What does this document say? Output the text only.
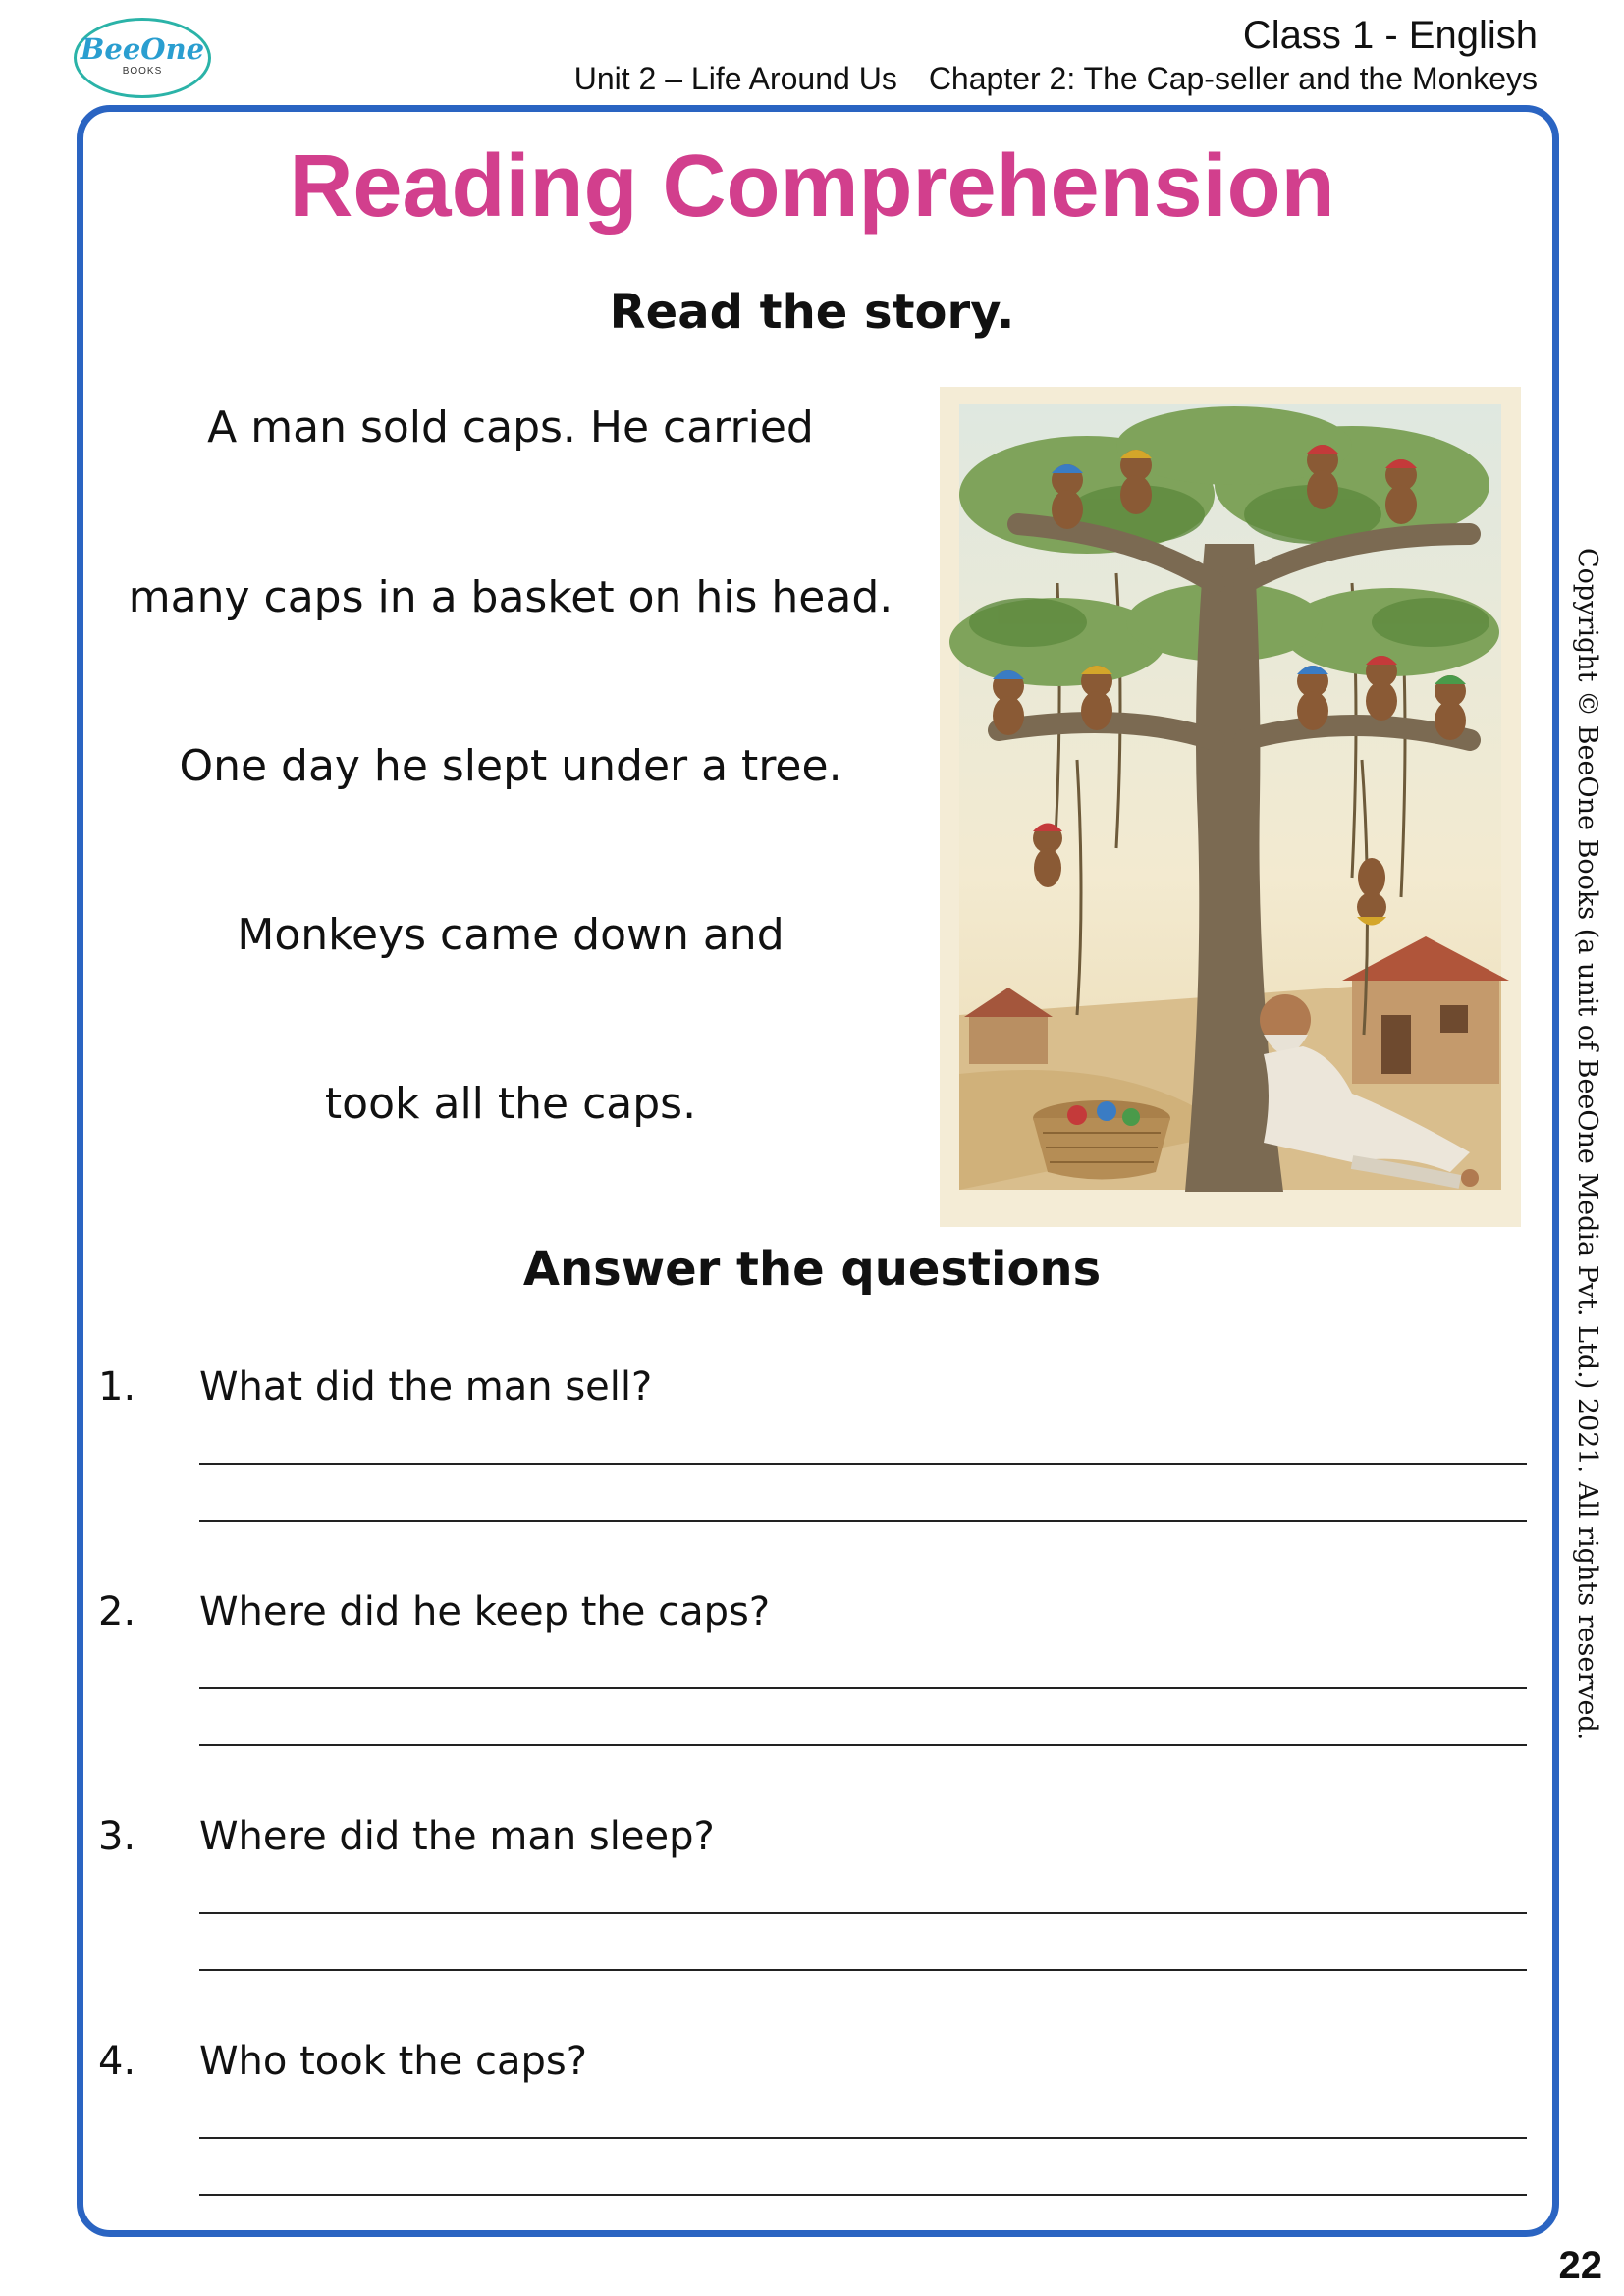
BeeOne
BOOKS
Class 1 - English
Unit 2 – Life Around Us Chapter 2: The Cap-seller and the Monkeys
Reading Comprehension
Read the story.
A man sold caps. He carried
many caps in a basket on his head.
One day he slept under a tree.
Monkeys came down and
took all the caps.
Answer the questions
1. What did the man sell?
2. Where did he keep the caps?
3. Where did the man sleep?
4. Who took the caps?
Copyright © BeeOne Books (a unit of BeeOne Media Pvt. Ltd.) 2021. All rights reserved.
22
